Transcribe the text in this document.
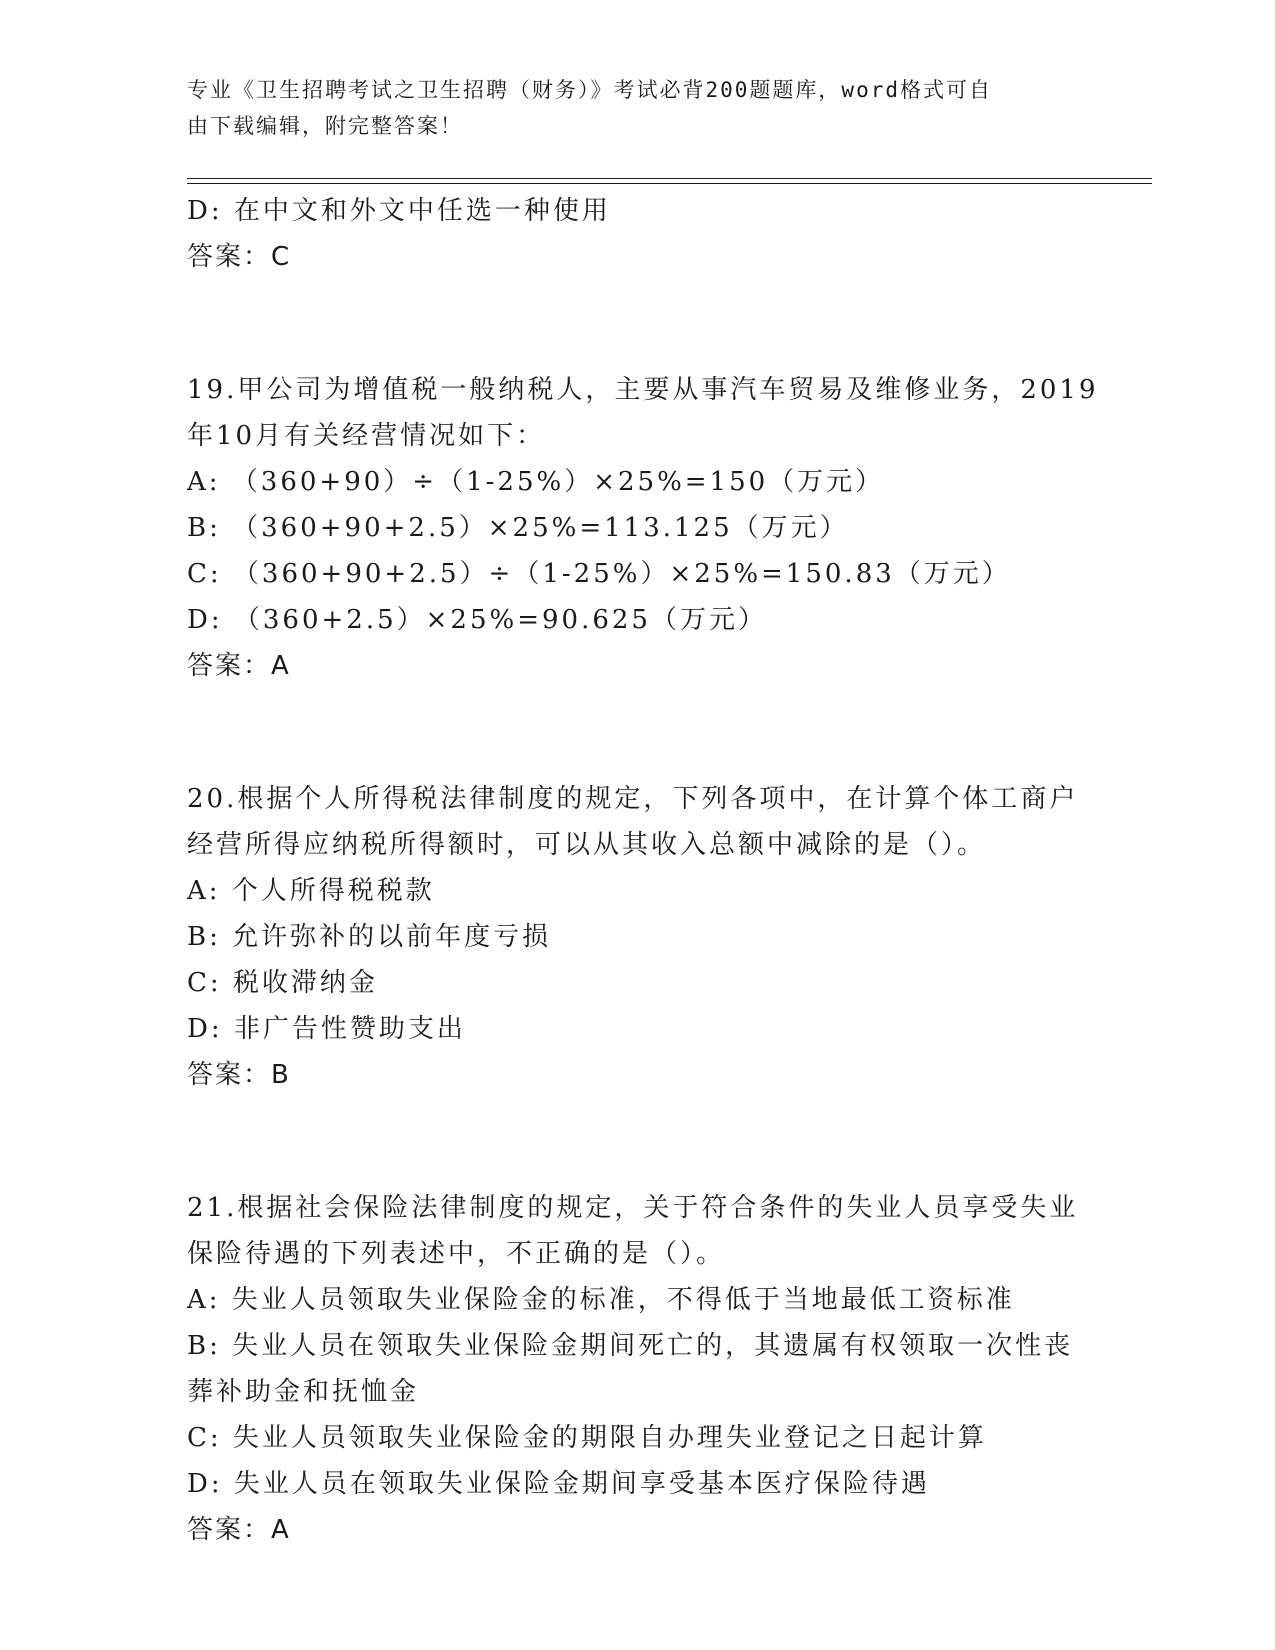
专业《卫生招聘考试之卫生招聘（财务）》考试必背200题题库，word格式可自
由下载编辑，附完整答案！
D: 在中文和外文中任选一种使用
答案：C
19.甲公司为增值税一般纳税人，主要从事汽车贸易及维修业务，2019
年10月有关经营情况如下：
A: （360+90）÷（1-25%）×25%=150（万元）
B: （360+90+2.5）×25%=113.125（万元）
C: （360+90+2.5）÷（1-25%）×25%=150.83（万元）
D: （360+2.5）×25%=90.625（万元）
答案：A
20.根据个人所得税法律制度的规定，下列各项中，在计算个体工商户
经营所得应纳税所得额时，可以从其收入总额中减除的是（）。
A: 个人所得税税款
B: 允许弥补的以前年度亏损
C: 税收滞纳金
D: 非广告性赞助支出
答案：B
21.根据社会保险法律制度的规定，关于符合条件的失业人员享受失业
保险待遇的下列表述中，不正确的是（）。
A: 失业人员领取失业保险金的标准，不得低于当地最低工资标准
B: 失业人员在领取失业保险金期间死亡的，其遗属有权领取一次性丧
葬补助金和抚恤金
C: 失业人员领取失业保险金的期限自办理失业登记之日起计算
D: 失业人员在领取失业保险金期间享受基本医疗保险待遇
答案：A
